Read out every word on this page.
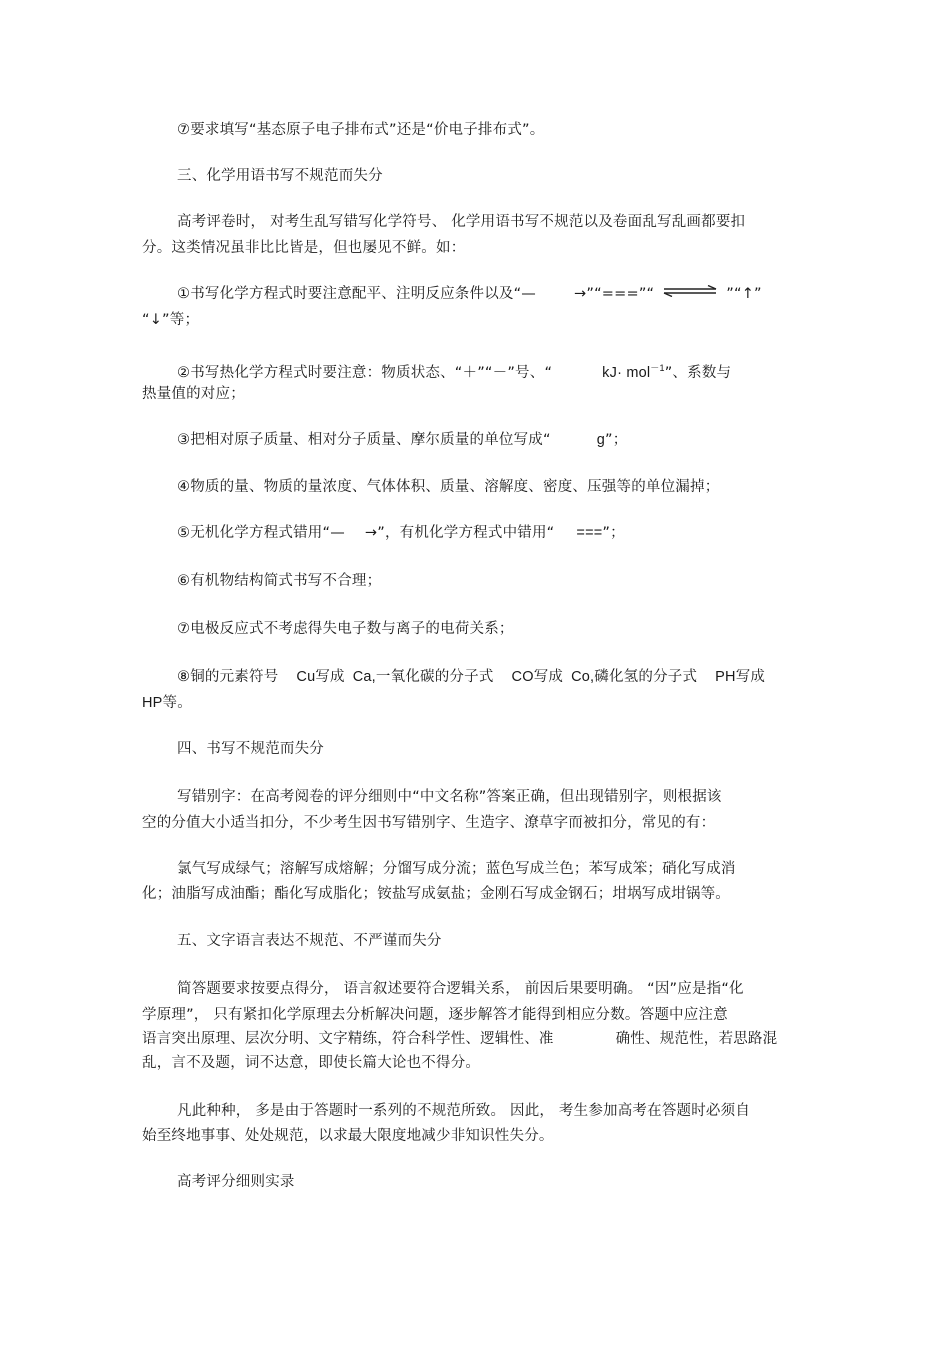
⑦要求填写“基态原子电子排布式”还是“价电子排布式”。
三、化学用语书写不规范而失分
高考评卷时， 对考生乱写错写化学符号、 化学用语书写不规范以及卷面乱写乱画都要扣
分。这类情况虽非比比皆是，但也屡见不鲜。如：
①书写化学方程式时要注意配平、注明反应条件以及“—	→”“===”“ ⇌ ”“↑”
“↓”等；
②书写热化学方程式时要注意：物质状态、“＋”“－”号、“	kJ· mol$^{-1}$”、系数与
热量值的对应；
③把相对原子质量、相对分子质量、摩尔质量的单位写成“	g”；
④物质的量、物质的量浓度、气体体积、质量、溶解度、密度、压强等的单位漏掉；
⑤无机化学方程式错用“— →”，有机化学方程式中错用“ ===”；
⑥有机物结构简式书写不合理；
⑦电极反应式不考虑得失电子数与离子的电荷关系；
⑧铜的元素符号 Cu写成 Ca,一氧化碳的分子式 CO写成 Co,磷化氢的分子式 PH写成
HP等。
四、书写不规范而失分
写错别字：在高考阅卷的评分细则中“中文名称”答案正确，但出现错别字，则根据该
空的分值大小适当扣分，不少考生因书写错别字、生造字、潦草字而被扣分，常见的有：
氯气写成绿气；溶解写成熔解；分馏写成分流；蓝色写成兰色；苯写成笨；硝化写成消
化；油脂写成油酯；酯化写成脂化；铵盐写成氨盐；金刚石写成金钢石；坩埚写成坩锅等。
五、文字语言表达不规范、不严谨而失分
简答题要求按要点得分， 语言叙述要符合逻辑关系， 前因后果要明确。 “因”应是指“化
学原理”， 只有紧扣化学原理去分析解决问题，逐步解答才能得到相应分数。答题中应注意
语言突出原理、层次分明、文字精练，符合科学性、逻辑性、准	确性、规范性，若思路混
乱，言不及题，词不达意，即使长篇大论也不得分。
凡此种种， 多是由于答题时一系列的不规范所致。 因此， 考生参加高考在答题时必须自
始至终地事事、处处规范，以求最大限度地减少非知识性失分。
高考评分细则实录
